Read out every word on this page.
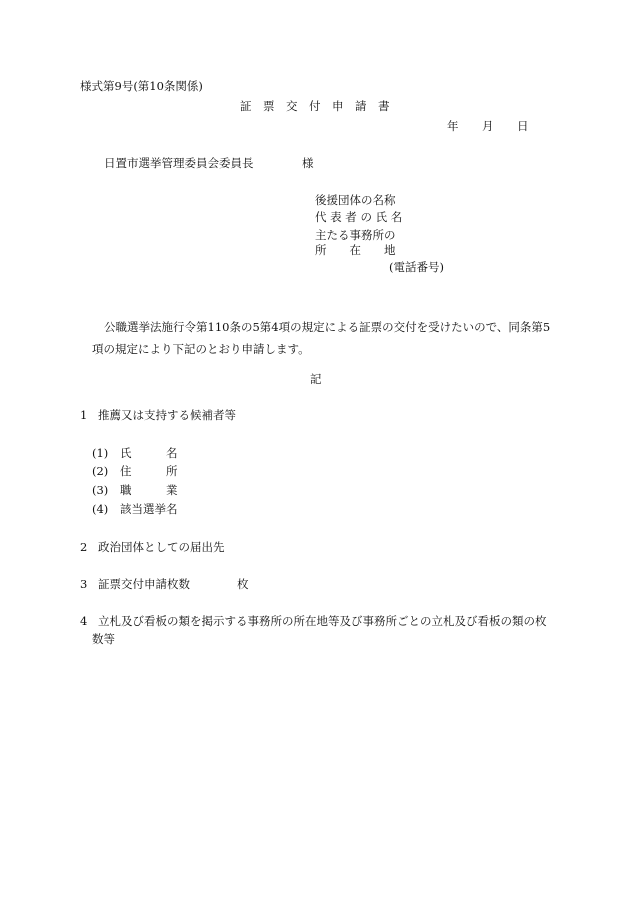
様式第9号(第10条関係)
証　票　交　付　申　請　書
年 月 日
日置市選挙管理委員会委員長	様
後援団体の名称
代 表 者 の 氏 名
主たる事務所の
所　　在　　地
(電話番号)
公職選挙法施行令第110条の5第4項の規定による証票の交付を受けたいので、同条第5
項の規定により下記のとおり申請します。
記
1 推薦又は支持する候補者等
(1) 氏　　　名
(2) 住　　　所
(3) 職　　　業
(4) 該当選挙名
2 政治団体としての届出先
3 証票交付申請枚数	枚
4 立札及び看板の類を掲示する事務所の所在地等及び事務所ごとの立札及び看板の類の枚
数等
